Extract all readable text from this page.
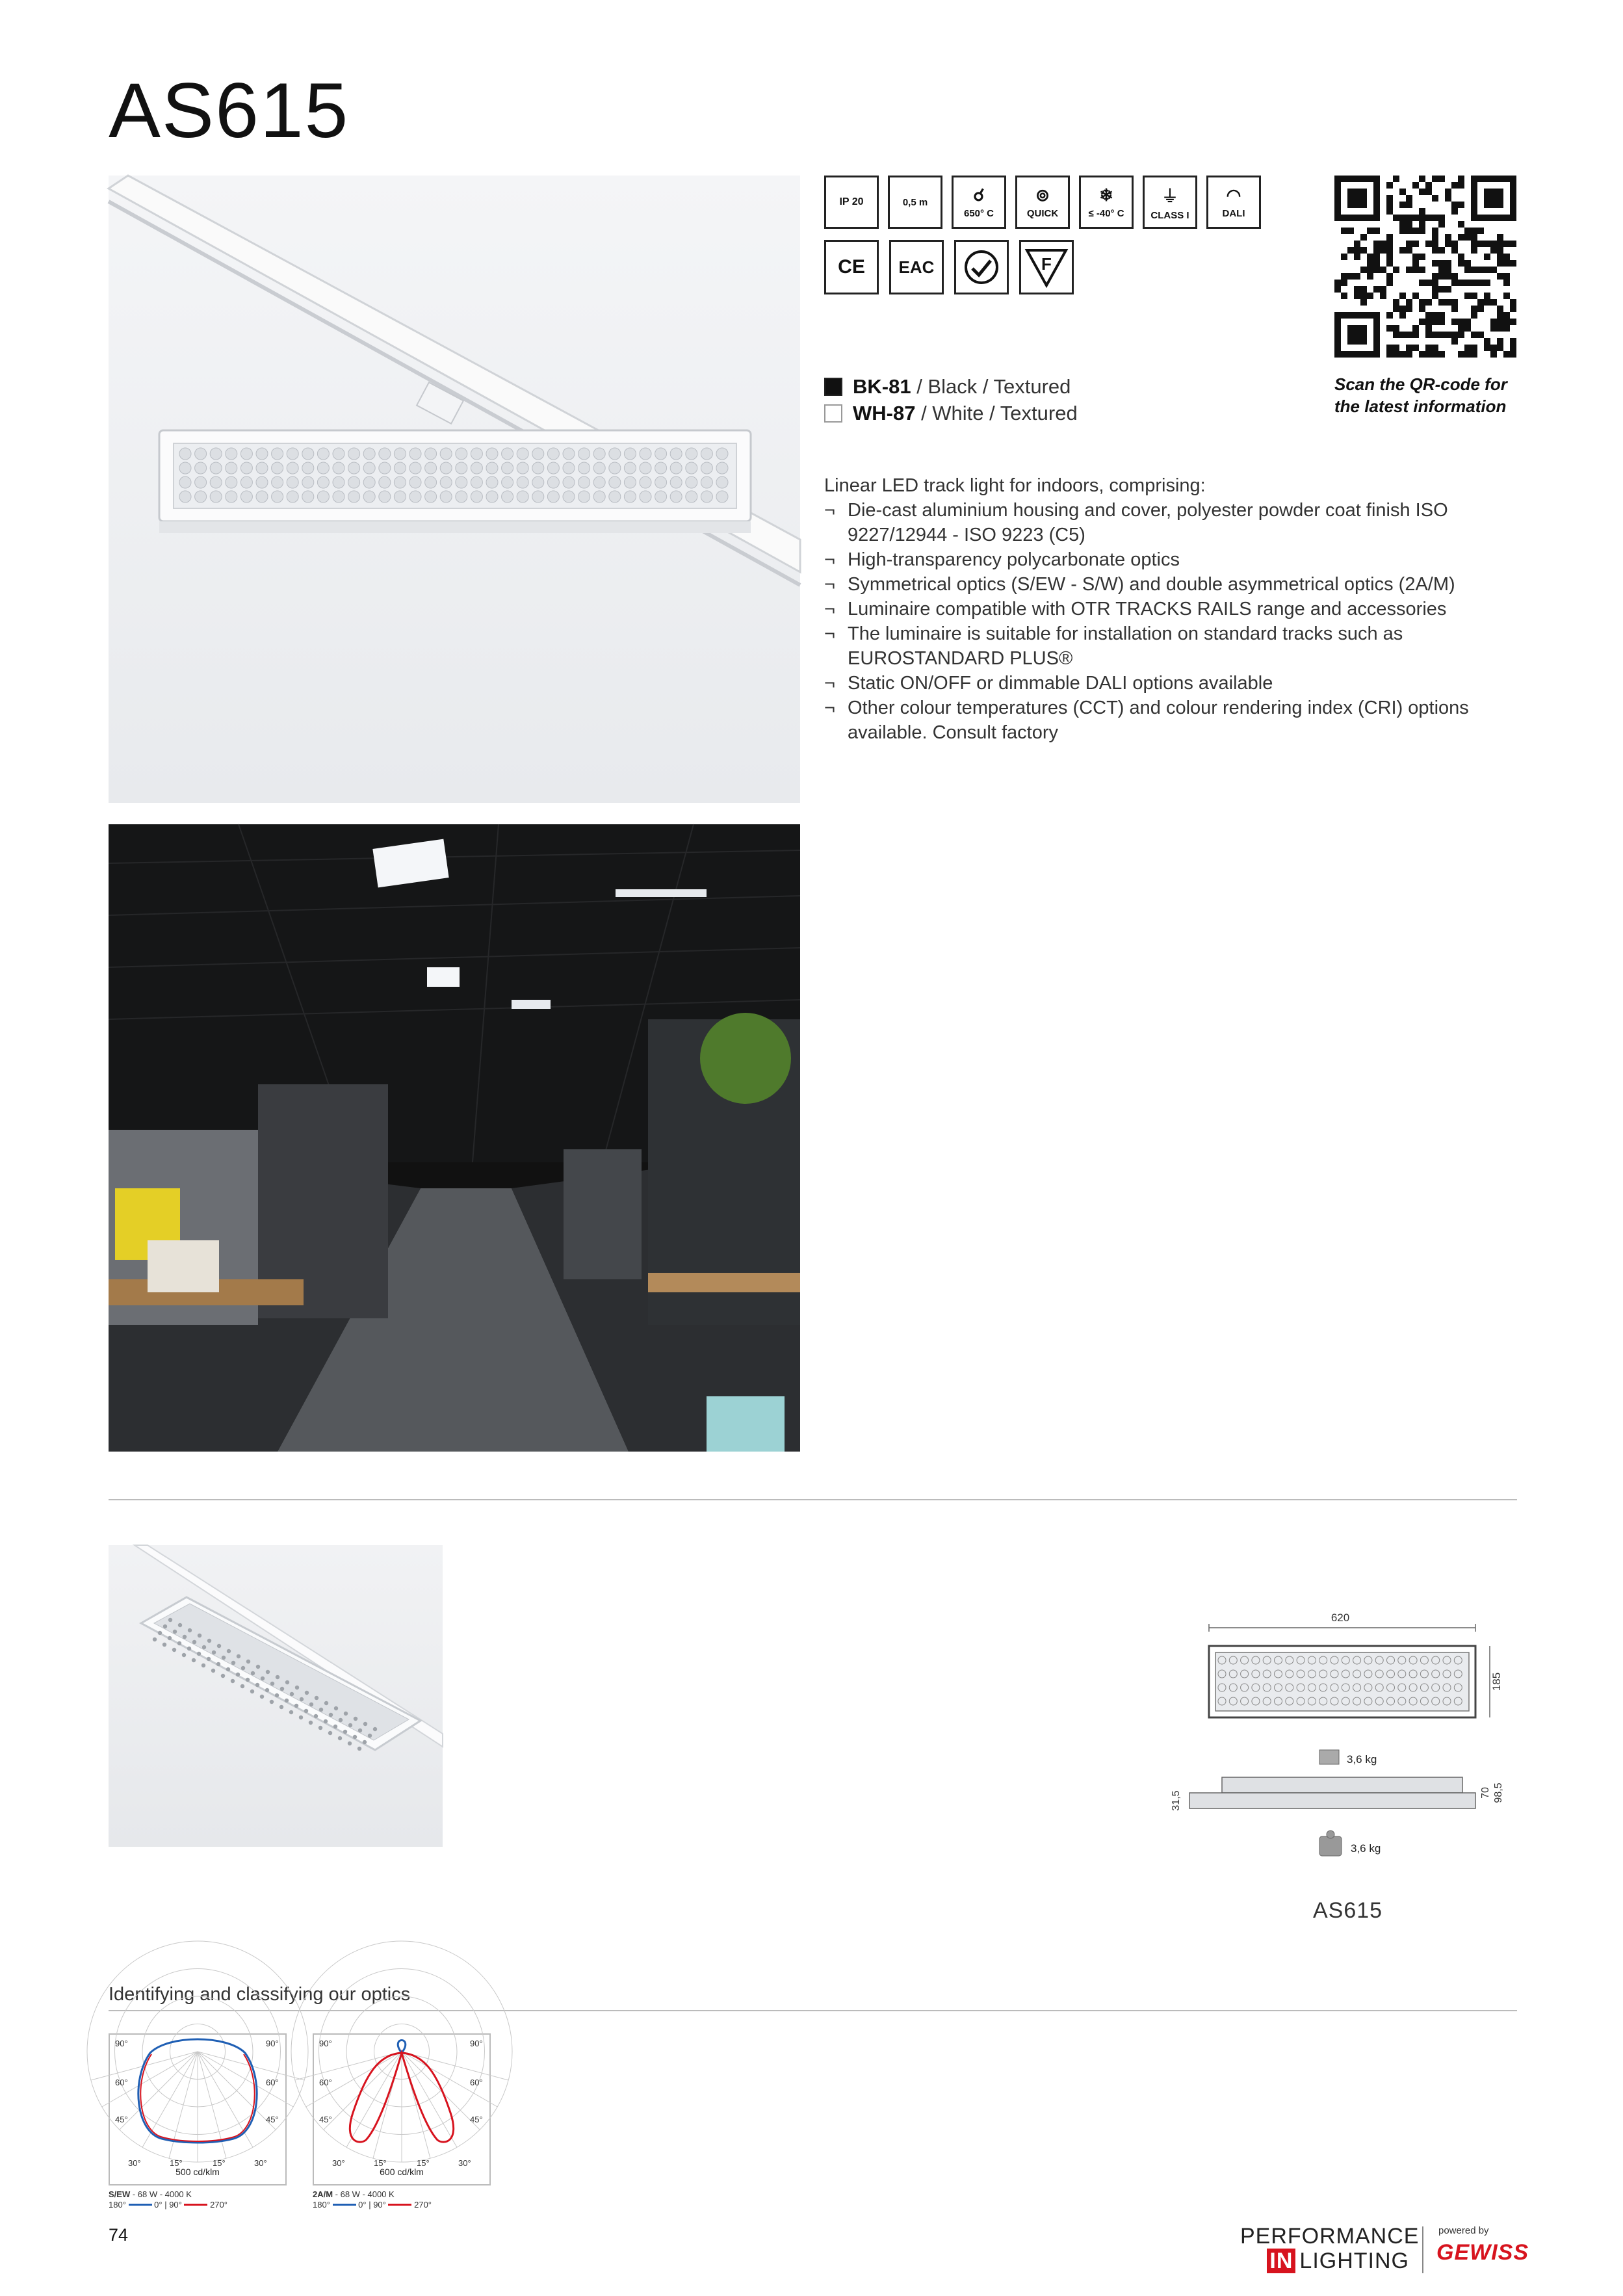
AS615
IP 20	0,5 m	☌
650° C
⊚
QUICK
❄
≤ -40° C
⏚
CLASS I
◠
DALI
CE EAC	F
Scan the QR-code for the latest information
BK-81 / Black / Textured
WH-87 / White / Textured
Linear LED track light for indoors, comprising:
¬ Die-cast aluminium housing and cover, polyester powder coat finish ISO 9227/12944 - ISO 9223 (C5)
¬ High-transparency polycarbonate optics
¬ Symmetrical optics (S/EW - S/W) and double asymmetrical optics (2A/M)
¬ Luminaire compatible with OTR TRACKS RAILS range and accessories
¬ The luminaire is suitable for installation on standard tracks such as EUROSTANDARD PLUS®
¬ Static ON/OFF or dimmable DALI options available
¬ Other colour temperatures (CCT) and colour rendering index (CRI) options available. Consult factory
620
185
3,6 kg
31,5	70 98,5
3,6 kg
AS615
Identifying and classifying our optics
90°	90°
60°	60°
45°	45°
30°	30°
15°	15°
500 cd/klm
90°	90°
60°	60°
45°	45°
30°	30°
15°	15°
600 cd/klm
S/EW - 68 W - 4000 K
180°	0° | 90°	270°
2A/M - 68 W - 4000 K
180°	0° | 90°	270°
74	PERFORMANCE
IN LIGHTING
powered by
GEWISS
